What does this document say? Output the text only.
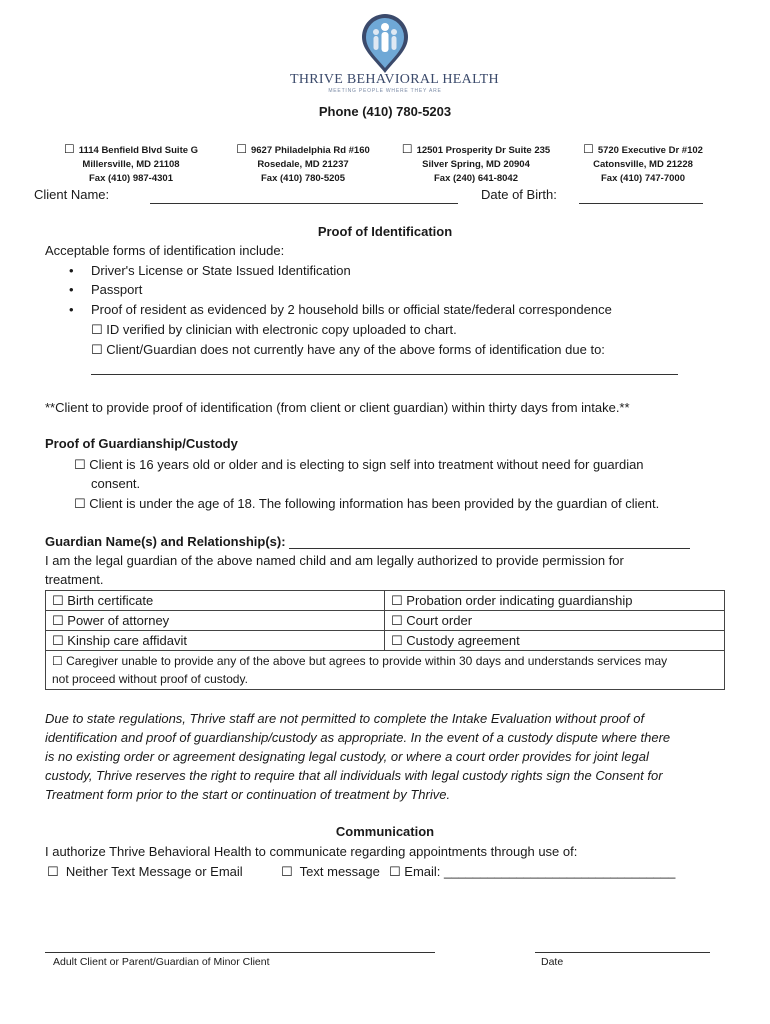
THRIVE BEHAVIORAL HEALTH
MEETING PEOPLE WHERE THEY ARE
Phone (410) 780-5203
☐ 1114 Benfield Blvd Suite G
Millersville, MD 21108
Fax (410) 987-4301
☐ 9627 Philadelphia Rd #160
Rosedale, MD 21237
Fax (410) 780-5205
☐ 12501 Prosperity Dr Suite 235
Silver Spring, MD 20904
Fax (240) 641-8042
☐ 5720 Executive Dr #102
Catonsville, MD 21228
Fax (410) 747-7000
Client Name:	Date of Birth:
Proof of Identification
Acceptable forms of identification include:
• Driver's License or State Issued Identification
• Passport
• Proof of resident as evidenced by 2 household bills or official state/federal correspondence
☐ ID verified by clinician with electronic copy uploaded to chart.
☐ Client/Guardian does not currently have any of the above forms of identification due to:
**Client to provide proof of identification (from client or client guardian) within thirty days from intake.**
Proof of Guardianship/Custody
☐ Client is 16 years old or older and is electing to sign self into treatment without need for guardian
consent.
☐ Client is under the age of 18. The following information has been provided by the guardian of client.
Guardian Name(s) and Relationship(s):
I am the legal guardian of the above named child and am legally authorized to provide permission for
treatment.
☐ Birth certificate	☐ Probation order indicating guardianship
☐ Power of attorney	☐ Court order
☐ Kinship care affidavit	☐ Custody agreement
☐ Caregiver unable to provide any of the above but agrees to provide within 30 days and understands services may
not proceed without proof of custody.	
Due to state regulations, Thrive staff are not permitted to complete the Intake Evaluation without proof of
identification and proof of guardianship/custody as appropriate. In the event of a custody dispute where there
is no existing order or agreement designating legal custody, or where a court order provides for joint legal
custody, Thrive reserves the right to require that all individuals with legal custody rights sign the Consent for
Treatment form prior to the start or continuation of treatment by Thrive.
Communication
I authorize Thrive Behavioral Health to communicate regarding appointments through use of:
☐  Neither Text Message or Email	☐  Text message ☐ Email: ________________________________
Adult Client or Parent/Guardian of Minor Client	Date
